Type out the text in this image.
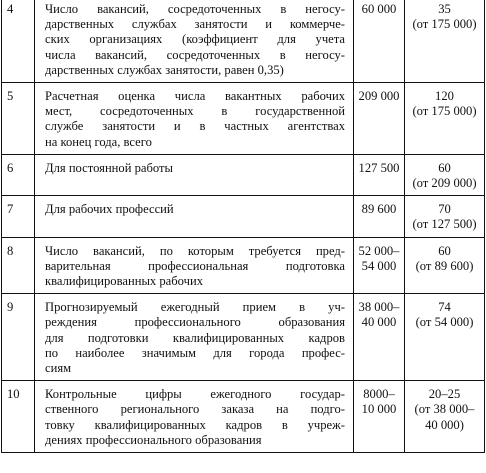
4	Число вакансий, сосредоточенных в негосу-
дарственных службах занятости и коммерче-
ских организациях (коэффициент для учета
числа вакансий, сосредоточенных в негосу-
дарственных службах занятости, равен 0,35)	60 000	35
(от 175 000)

5	Расчетная оценка числа вакантных рабочих
мест, сосредоточенных в государственной
службе занятости и в частных агентствах
на конец года, всего	209 000	120
(от 175 000)

6	Для постоянной работы	127 500	60
(от 209 000)

7	Для рабочих профессий	89 600	70
(от 127 500)

8	Число вакансий, по которым требуется пред-
варительная профессиональная подготовка
квалифицированных рабочих	52 000–
54 000	60
(от 89 600)

9	Прогнозируемый ежегодный прием в уч-
реждения профессионального образования
для подготовки квалифицированных кадров
по наиболее значимым для города профес-
сиям	38 000–
40 000	74
(от 54 000)

10	Контрольные цифры ежегодного государ-
ственного регионального заказа на подго-
товку квалифицированных кадров в учреж-
дениях профессионального образования	8000–
10 000	20–25
(от 38 000–
40 000)
